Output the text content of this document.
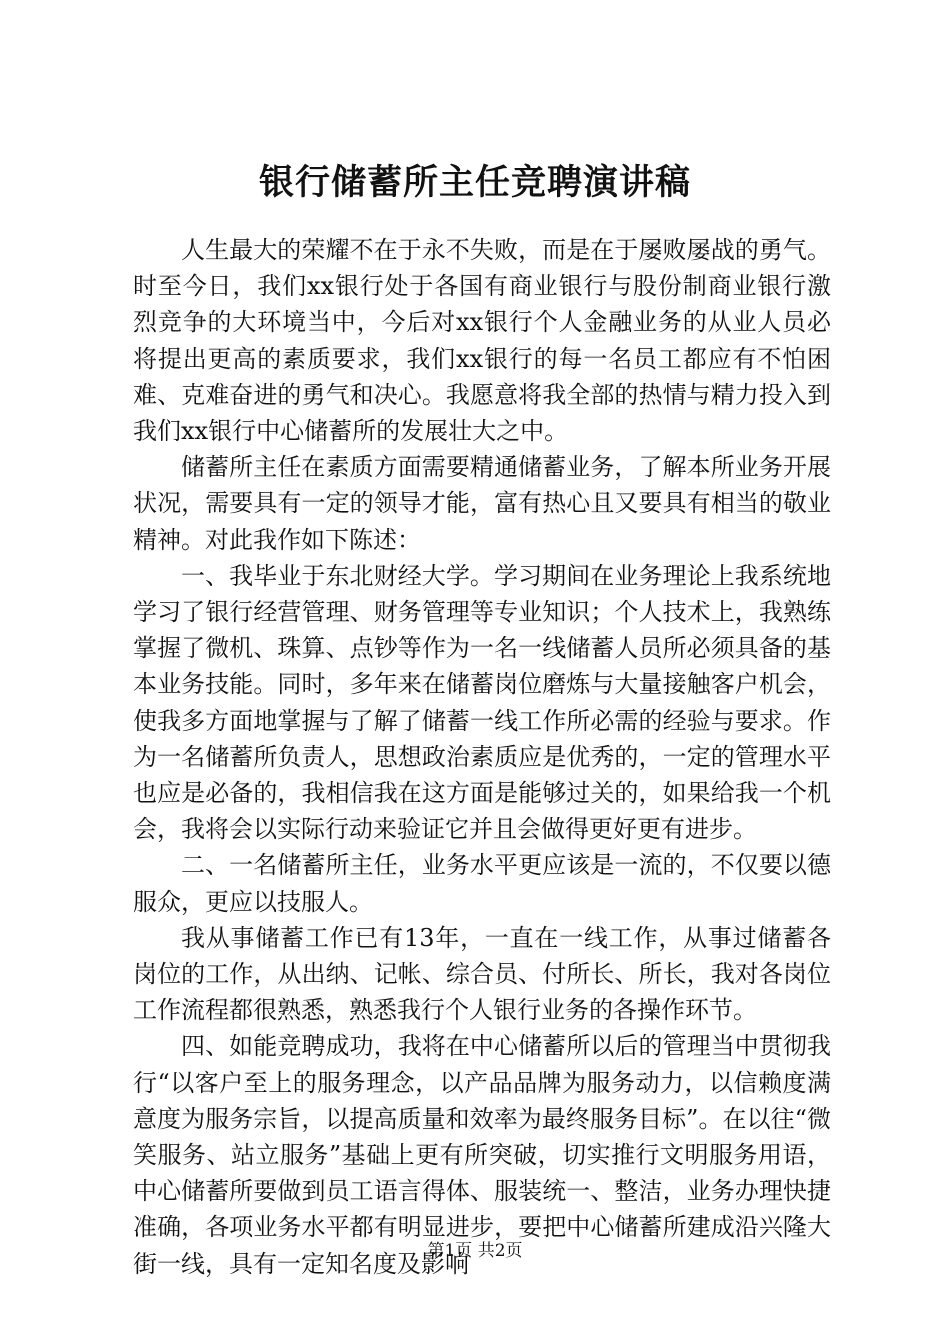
银行储蓄所主任竞聘演讲稿

人生最大的荣耀不在于永不失败，而是在于屡败屡战的勇气。时至今日，我们xx银行处于各国有商业银行与股份制商业银行激烈竞争的大环境当中，今后对xx银行个人金融业务的从业人员必将提出更高的素质要求，我们xx银行的每一名员工都应有不怕困难、克难奋进的勇气和决心。我愿意将我全部的热情与精力投入到我们xx银行中心储蓄所的发展壮大之中。

储蓄所主任在素质方面需要精通储蓄业务，了解本所业务开展状况，需要具有一定的领导才能，富有热心且又要具有相当的敬业精神。对此我作如下陈述：

一、我毕业于东北财经大学。学习期间在业务理论上我系统地学习了银行经营管理、财务管理等专业知识；个人技术上，我熟练掌握了微机、珠算、点钞等作为一名一线储蓄人员所必须具备的基本业务技能。同时，多年来在储蓄岗位磨炼与大量接触客户机会，使我多方面地掌握与了解了储蓄一线工作所必需的经验与要求。作为一名储蓄所负责人，思想政治素质应是优秀的，一定的管理水平也应是必备的，我相信我在这方面是能够过关的，如果给我一个机会，我将会以实际行动来验证它并且会做得更好更有进步。

二、一名储蓄所主任，业务水平更应该是一流的，不仅要以德服众，更应以技服人。

我从事储蓄工作已有13年，一直在一线工作，从事过储蓄各岗位的工作，从出纳、记帐、综合员、付所长、所长，我对各岗位工作流程都很熟悉，熟悉我行个人银行业务的各操作环节。

四、如能竞聘成功，我将在中心储蓄所以后的管理当中贯彻我行“以客户至上的服务理念，以产品品牌为服务动力，以信赖度满意度为服务宗旨，以提高质量和效率为最终服务目标”。在以往“微笑服务、站立服务”基础上更有所突破，切实推行文明服务用语，中心储蓄所要做到员工语言得体、服装统一、整洁，业务办理快捷准确，各项业务水平都有明显进步，要把中心储蓄所建成沿兴隆大街一线，具有一定知名度及影响

第1页 共2页
